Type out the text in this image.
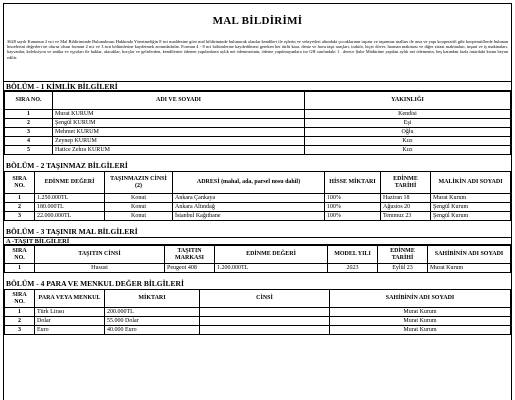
MAL BİLDİRİMİ
3628 sayılı Kanunun 2 nci ve Mal Bildiriminde Bulunulması Hakkında Yönetmeliğin 8 nci maddesine göre mal bildiriminde bulunacak olanlar kendileri ile eşlerin ve velayetleri altındaki çocuklarının taşınır ve taşınmaz malları ile arsa ve yapı kooperatifi gibi kooperatiflerde bulunan hisselerini değerleri ne olursa olsun formun 2 nci ve 3 ncü bölümlerine kaydetmek zorundadırlar. Formun 4 - 8 nci bölümlerine kaydedilmesi gereken her türlü kara, deniz ve hava taşıt araçları, traktör, biçer döver, harman makinası ve diğer ziraat makinaları, inşaat ve iş makinaları, hayvanlar, koleksiyon ve antika ev eşyaları ile haklar, alacaklar, borçlar ve gelirlerden, kendilerine ödenen yapılanların aylık net ödenmesinin, ödeme yapılmayanlara ise GH sınıfındaki 1 . derece Şube Müdürüne yapılan aylık net ödemenin, beş katından fazla tutardaki kısmı beyan edilir.
BÖLÜM - 1 KİMLİK BİLGİLERİ
SIRA NO.	ADI VE SOYADI	YAKINLIĞI
1	Murat KURUM	Kendisi
2	Şengül KURUM	Eşi
3	Mehmet KURUM	Oğlu
4	Zeynep KURUM	Kızı
5	Hatice Zehra KURUM	Kızı
BÖLÜM - 2 TAŞINMAZ BİLGİLERİ
SIRA NO.	EDİNME DEĞERİ	TAŞINMAZIN CİNSİ (2)	ADRESİ (mahal, ada, parsel nosu dahil)	HİSSE MİKTARI	EDİNME TARİHİ	MALİKİN ADI SOYADI
1	1.250.000TL	Konut	Ankara Çankaya	100%	Haziran 18	Murat Kurum
2	180.000TL	Konut	Ankara Altındağ	100%	Ağustos 20	Şengül Kurum
3	22.000.000TL	Konut	İstanbul Kağıthane	100%	Temmuz 23	Şengül Kurum
BÖLÜM - 3 TAŞINIR MAL BİLGİLERİ
A -TAŞIT BİLGİLERİ
SIRA NO.	TAŞITIN CİNSİ	TAŞITIN MARKASI	EDİNME DEĞERİ	MODEL YILI	EDİNME TARİHİ	SAHİBİNİN ADI SOYADI
1	Hususi	Peugeot 408	1.200.000TL	2023	Eylül 23	Murat Kurum
BÖLÜM - 4 PARA VE MENKUL DEĞER BİLGİLERİ
SIRA NO.	PARA VEYA MENKUL	MİKTARI	CİNSİ	SAHİBİNİN ADI SOYADI
1	Türk Lirası	200.000TL		Murat Kurum
2	Dolar	55.000 Dolar		Murat Kurum
3	Euro	40.000 Euro		Murat Kurum
